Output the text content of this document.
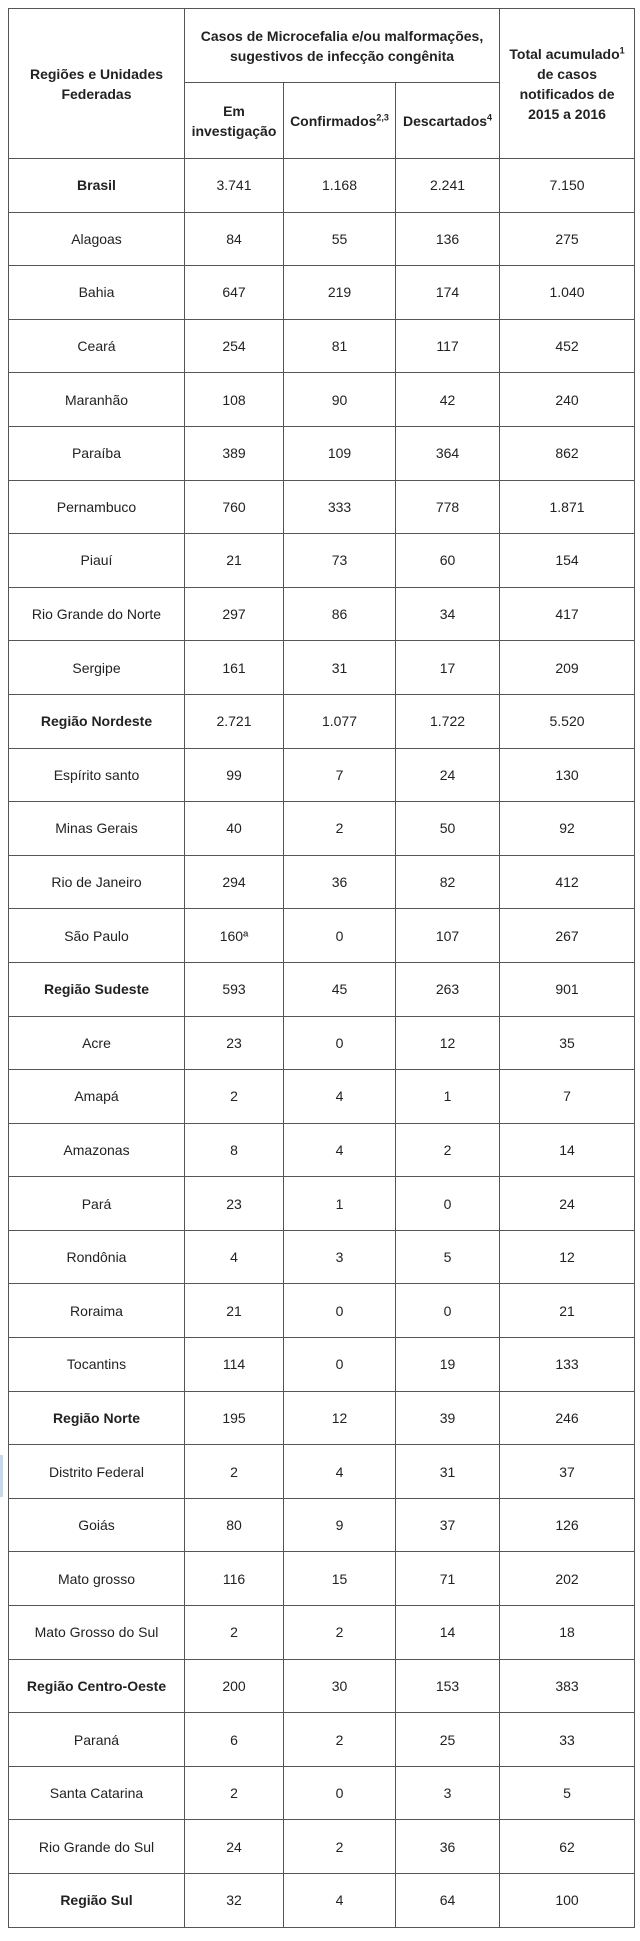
Regiões e Unidades Federadas	Casos de Microcefalia e/ou malformações, sugestivos de infecção congênita			Total acumulado$^1$ de casos notificados de 2015 a 2016
	Em investigação	Confirmados$^{2,3}$	Descartados$^4$
Brasil	3.741	1.168	2.241	7.150
Alagoas	84	55	136	275
Bahia	647	219	174	1.040
Ceará	254	81	117	452
Maranhão	108	90	42	240
Paraíba	389	109	364	862
Pernambuco	760	333	778	1.871
Piauí	21	73	60	154
Rio Grande do Norte	297	86	34	417
Sergipe	161	31	17	209
Região Nordeste	2.721	1.077	1.722	5.520
Espírito santo	99	7	24	130
Minas Gerais	40	2	50	92
Rio de Janeiro	294	36	82	412
São Paulo	160ª	0	107	267
Região Sudeste	593	45	263	901
Acre	23	0	12	35
Amapá	2	4	1	7
Amazonas	8	4	2	14
Pará	23	1	0	24
Rondônia	4	3	5	12
Roraima	21	0	0	21
Tocantins	114	0	19	133
Região Norte	195	12	39	246
Distrito Federal	2	4	31	37
Goiás	80	9	37	126
Mato grosso	116	15	71	202
Mato Grosso do Sul	2	2	14	18
Região Centro-Oeste	200	30	153	383
Paraná	6	2	25	33
Santa Catarina	2	0	3	5
Rio Grande do Sul	24	2	36	62
Região Sul	32	4	64	100
